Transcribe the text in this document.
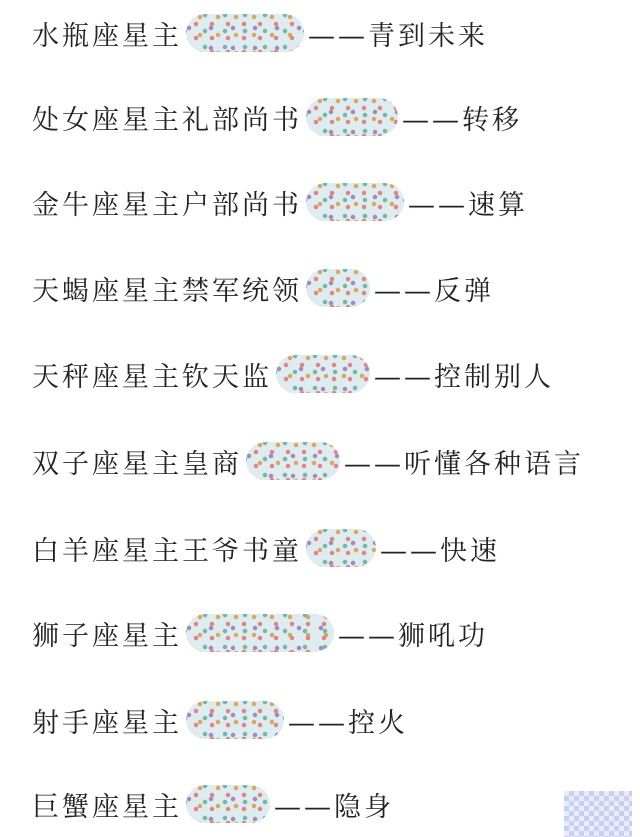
水瓶座星主	——青到未来
处女座星主礼部尚书	——转移
金牛座星主户部尚书	——速算
天蝎座星主禁军统领	——反弹
天秤座星主钦天监	——控制别人
双子座星主皇商	——听懂各种语言
白羊座星主王爷书童	——快速
狮子座星主	——狮吼功
射手座星主	——控火
巨蟹座星主	——隐身
